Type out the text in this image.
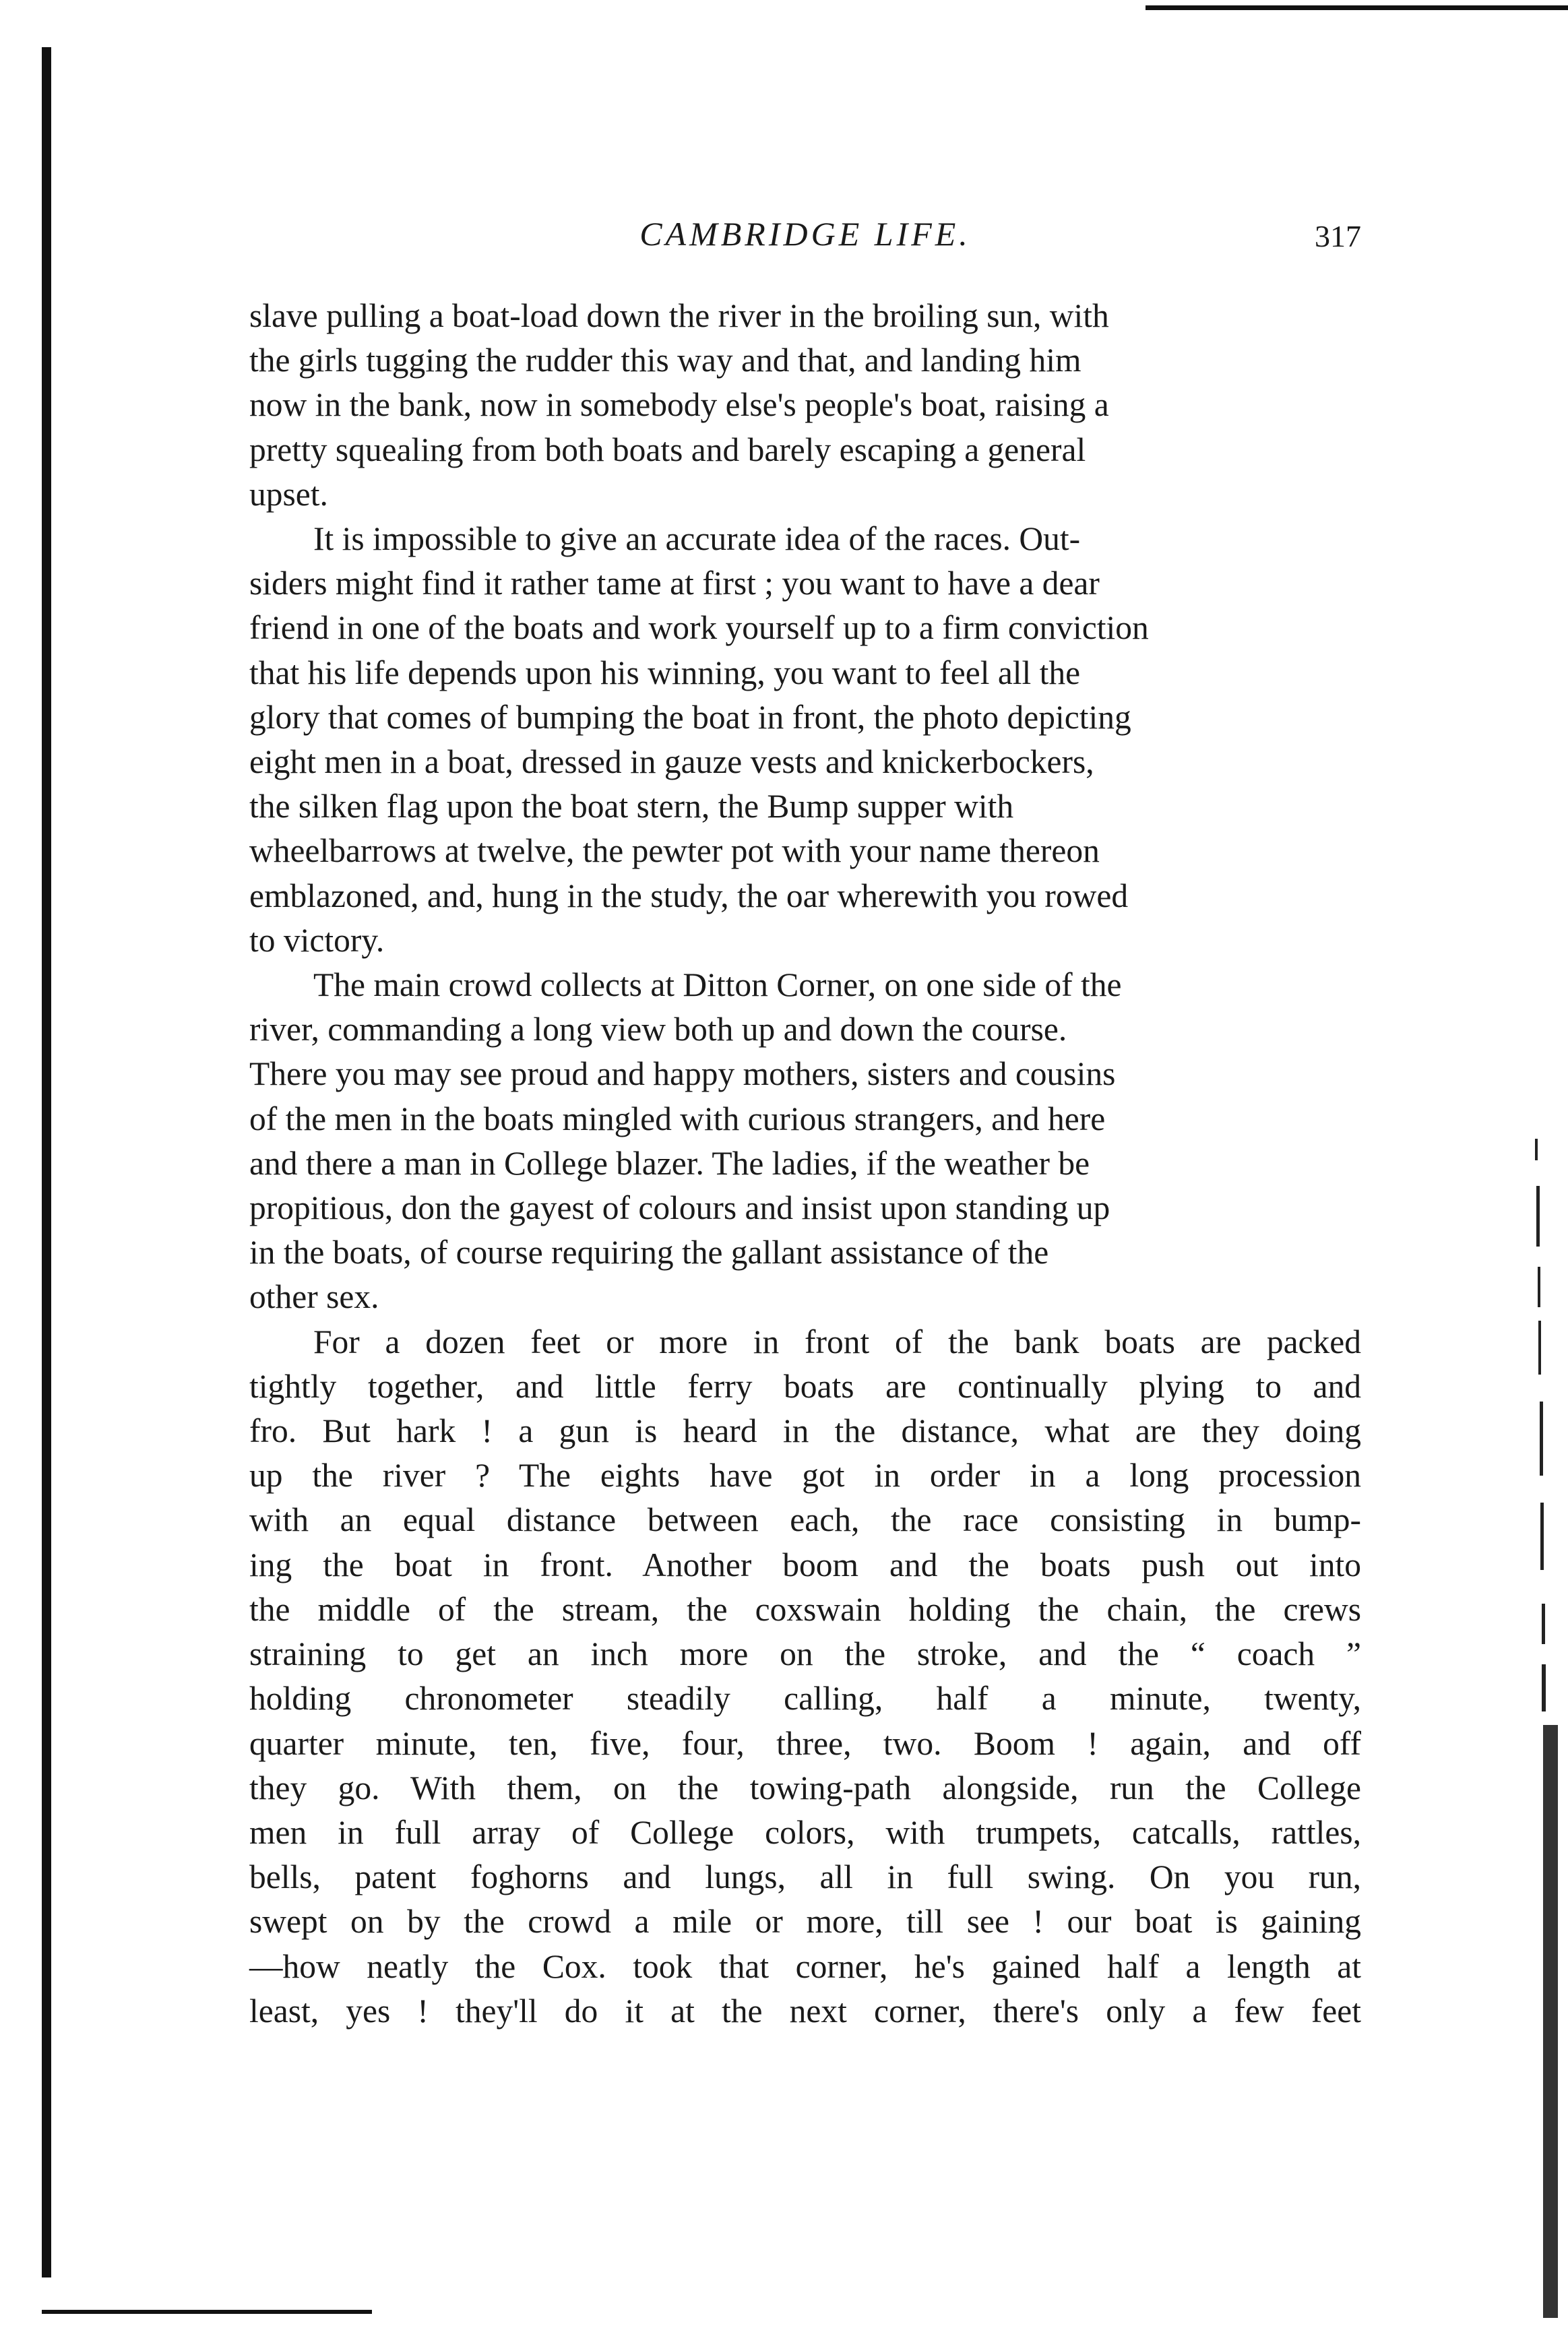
CAMBRIDGE LIFE.	317

slave pulling a boat-load down the river in the broiling sun, with
the girls tugging the rudder this way and that, and landing him
now in the bank, now in somebody else's people's boat, raising a
pretty squealing from both boats and barely escaping a general
upset.

It is impossible to give an accurate idea of the races. Out-
siders might find it rather tame at first ; you want to have a dear
friend in one of the boats and work yourself up to a firm conviction
that his life depends upon his winning, you want to feel all the
glory that comes of bumping the boat in front, the photo depicting
eight men in a boat, dressed in gauze vests and knickerbockers,
the silken flag upon the boat stern, the Bump supper with
wheelbarrows at twelve, the pewter pot with your name thereon
emblazoned, and, hung in the study, the oar wherewith you rowed
to victory.

The main crowd collects at Ditton Corner, on one side of the
river, commanding a long view both up and down the course.
There you may see proud and happy mothers, sisters and cousins
of the men in the boats mingled with curious strangers, and here
and there a man in College blazer. The ladies, if the weather be
propitious, don the gayest of colours and insist upon standing up
in the boats, of course requiring the gallant assistance of the
other sex.

For a dozen feet or more in front of the bank boats are packed
tightly together, and little ferry boats are continually plying to and
fro. But hark ! a gun is heard in the distance, what are they doing
up the river ? The eights have got in order in a long procession
with an equal distance between each, the race consisting in bump-
ing the boat in front. Another boom and the boats push out into
the middle of the stream, the coxswain holding the chain, the crews
straining to get an inch more on the stroke, and the “ coach ”
holding chronometer steadily calling, half a minute, twenty,
quarter minute, ten, five, four, three, two. Boom ! again, and off
they go. With them, on the towing-path alongside, run the College
men in full array of College colors, with trumpets, catcalls, rattles,
bells, patent foghorns and lungs, all in full swing. On you run,
swept on by the crowd a mile or more, till see ! our boat is gaining
—how neatly the Cox. took that corner, he's gained half a length at
least, yes ! they'll do it at the next corner, there's only a few feet
